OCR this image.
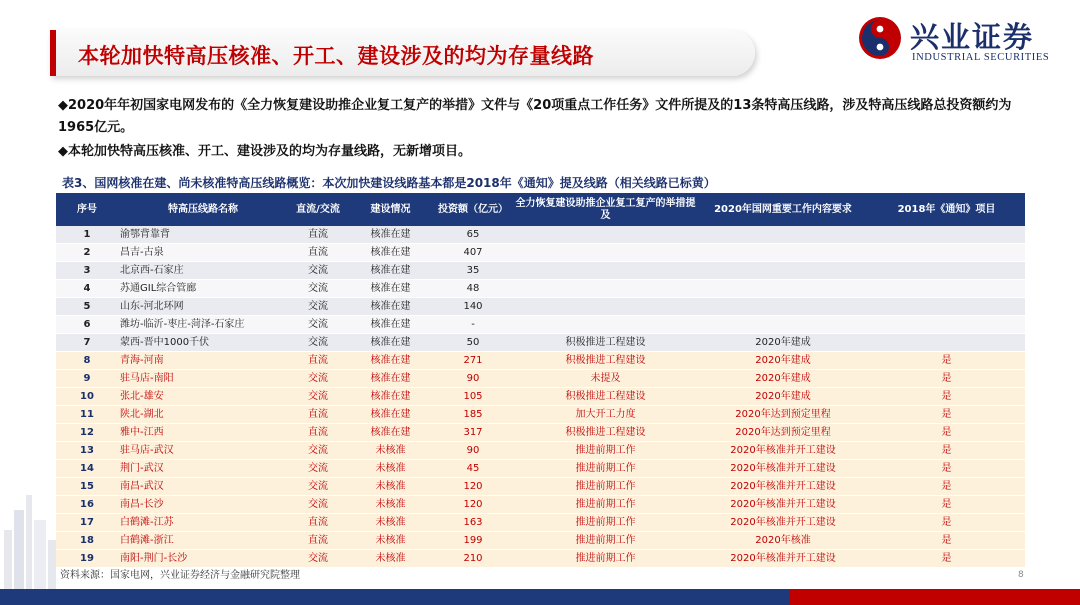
本轮加快特高压核准、开工、建设涉及的均为存量线路
兴业证券
INDUSTRIAL SECURITIES
◆2020年年初国家电网发布的《全力恢复建设助推企业复工复产的举措》文件与《20项重点工作任务》文件所提及的13条特高压线路，涉及特高压线路总投资额约为1965亿元。
◆本轮加快特高压核准、开工、建设涉及的均为存量线路，无新增项目。
表3、国网核准在建、尚未核准特高压线路概览：本次加快建设线路基本都是2018年《通知》提及线路（相关线路已标黄）
序号	特高压线路名称	直流/交流	建设情况	投资额（亿元）	全力恢复建设助推企业复工复产的举措提及	2020年国网重要工作内容要求	2018年《通知》项目
1	渝鄂背靠背	直流	核准在建	65			
2	昌吉-古泉	直流	核准在建	407			
3	北京西-石家庄	交流	核准在建	35			
4	苏通GIL综合管廊	交流	核准在建	48			
5	山东-河北环网	交流	核准在建	140			
6	潍坊-临沂-枣庄-菏泽-石家庄	交流	核准在建	-			
7	蒙西-晋中1000千伏	交流	核准在建	50	积极推进工程建设	2020年建成	
8	青海-河南	直流	核准在建	271	积极推进工程建设	2020年建成	是
9	驻马店-南阳	交流	核准在建	90	未提及	2020年建成	是
10	张北-雄安	交流	核准在建	105	积极推进工程建设	2020年建成	是
11	陕北-湖北	直流	核准在建	185	加大开工力度	2020年达到预定里程	是
12	雅中-江西	直流	核准在建	317	积极推进工程建设	2020年达到预定里程	是
13	驻马店-武汉	交流	未核准	90	推进前期工作	2020年核准并开工建设	是
14	荆门-武汉	交流	未核准	45	推进前期工作	2020年核准并开工建设	是
15	南昌-武汉	交流	未核准	120	推进前期工作	2020年核准并开工建设	是
16	南昌-长沙	交流	未核准	120	推进前期工作	2020年核准并开工建设	是
17	白鹤滩-江苏	直流	未核准	163	推进前期工作	2020年核准并开工建设	是
18	白鹤滩-浙江	直流	未核准	199	推进前期工作	2020年核准	是
19	南阳-荆门-长沙	交流	未核准	210	推进前期工作	2020年核准并开工建设	是
资料来源：国家电网，兴业证券经济与金融研究院整理	8
